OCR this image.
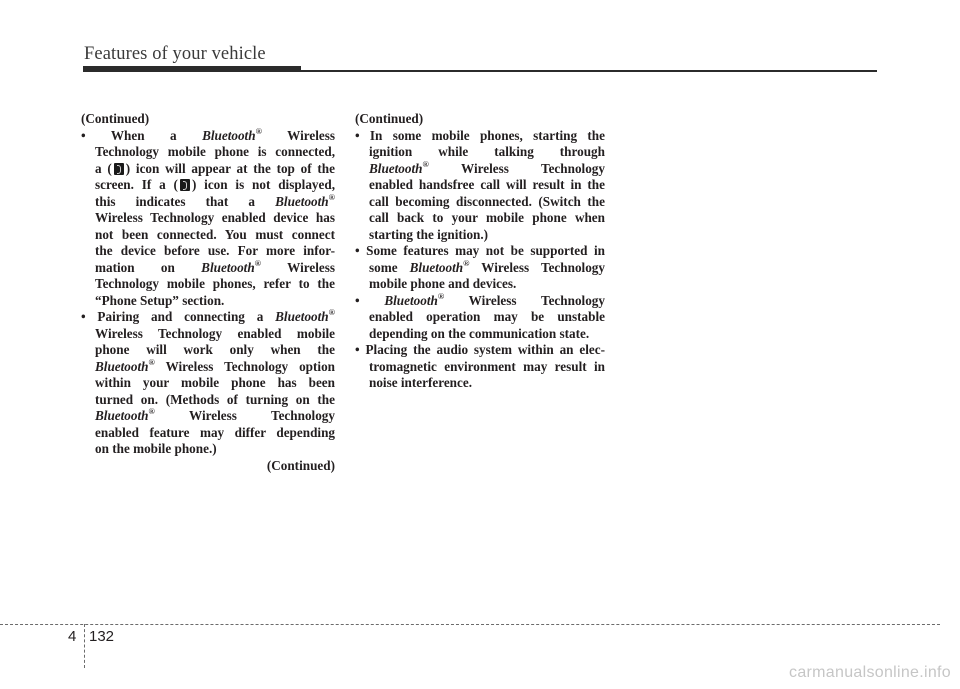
Features of your vehicle
(Continued)
• When a Bluetooth® Wireless
Technology mobile phone is connected,
a ( ) icon will appear at the top of the
screen. If a ( ) icon is not displayed,
this indicates that a Bluetooth®
Wireless Technology enabled device has
not been connected. You must connect
the device before use. For more infor-
mation on Bluetooth® Wireless
Technology mobile phones, refer to the
“Phone Setup” section.
• Pairing and connecting a Bluetooth®
Wireless Technology enabled mobile
phone will work only when the
Bluetooth® Wireless Technology option
within your mobile phone has been
turned on. (Methods of turning on the
Bluetooth® Wireless Technology
enabled feature may differ depending
on the mobile phone.)
(Continued)
(Continued)
• In some mobile phones, starting the
ignition while talking through
Bluetooth® Wireless Technology
enabled handsfree call will result in the
call becoming disconnected. (Switch the
call back to your mobile phone when
starting the ignition.)
• Some features may not be supported in
some Bluetooth® Wireless Technology
mobile phone and devices.
• Bluetooth® Wireless Technology
enabled operation may be unstable
depending on the communication state.
• Placing the audio system within an elec-
tromagnetic environment may result in
noise interference.
4 132
carmanualsonline.info
